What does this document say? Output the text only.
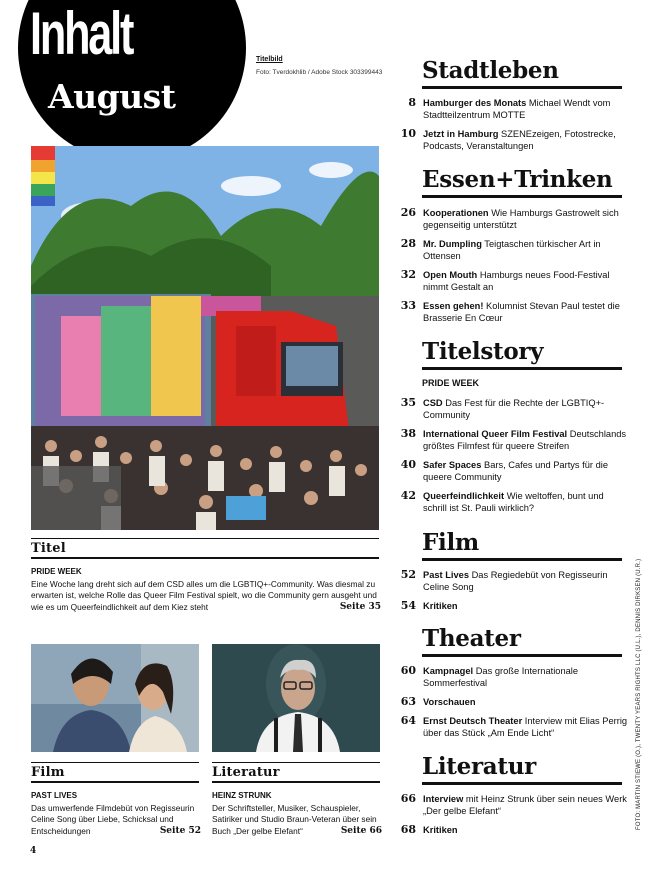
Inhalt
August
Titelbild
Foto: Tverdokhlib / Adobe Stock 303399443
Titel
PRIDE WEEK
Eine Woche lang dreht sich auf dem CSD alles um die LGBTIQ+-Community. Was diesmal zu erwarten ist, welche Rolle das Queer Film Festival spielt, wo die Community gern ausgeht und wie es um Queerfeindlichkeit auf dem Kiez steht	Seite 35
Film
PAST LIVES
Das umwerfende Filmdebüt von Regisseurin Celine Song über Liebe, Schicksal und Entscheidungen	Seite 52
Literatur
HEINZ STRUNK
Der Schriftsteller, Musiker, Schauspieler, Satiriker und Studio Braun-Veteran über sein Buch „Der gelbe Elefant“	Seite 66
Stadtleben
8 Hamburger des Monats Michael Wendt vom Stadtteilzentrum MOTTE
10 Jetzt in Hamburg SZENEzeigen, Fotostrecke, Podcasts, Veranstaltungen
Essen+Trinken
26 Kooperationen Wie Hamburgs Gastrowelt sich gegenseitig unterstützt
28 Mr. Dumpling Teigtaschen türkischer Art in Ottensen
32 Open Mouth Hamburgs neues Food-Festival nimmt Gestalt an
33 Essen gehen! Kolumnist Stevan Paul testet die Brasserie En Cœur
Titelstory
PRIDE WEEK
35 CSD Das Fest für die Rechte der LGBTIQ+-Community
38 International Queer Film Festival Deutschlands größtes Filmfest für queere Streifen
40 Safer Spaces Bars, Cafes und Partys für die queere Community
42 Queerfeindlichkeit Wie weltoffen, bunt und schrill ist St. Pauli wirklich?
Film
52 Past Lives Das Regiedebüt von Regisseurin Celine Song
54 Kritiken
Theater
60 Kampnagel Das große Internationale Sommerfestival
63 Vorschauen
64 Ernst Deutsch Theater Interview mit Elias Perrig über das Stück „Am Ende Licht“
Literatur
66 Interview mit Heinz Strunk über sein neues Werk „Der gelbe Elefant“
68 Kritiken	FOTO: MARTIN STIEWE (O.), TWENTY YEARS RIGHTS LLC (U.L.), DENNIS DIRKSEN (U.R.)
4
